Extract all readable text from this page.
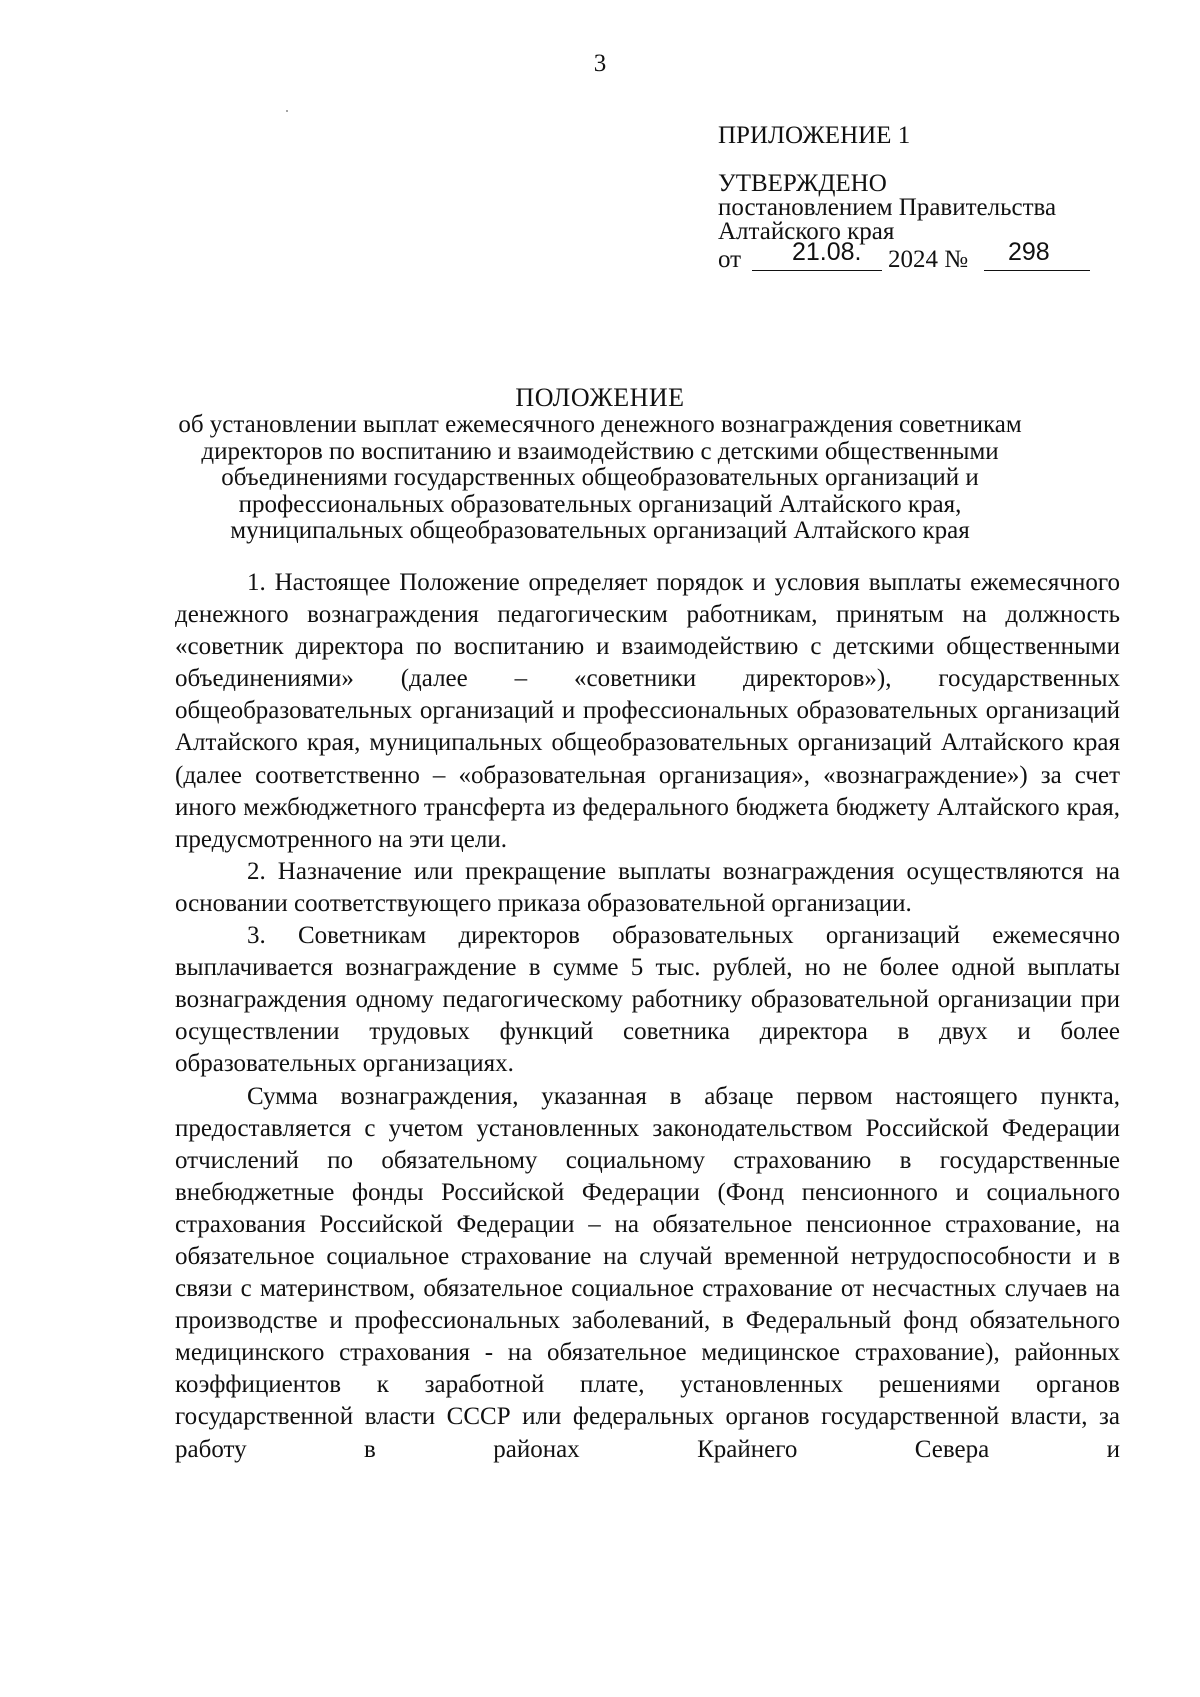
3
ПРИЛОЖЕНИЕ 1
УТВЕРЖДЕНО
постановлением Правительства
Алтайского края
от 21.08. 2024 № 298
ПОЛОЖЕНИЕ
об установлении выплат ежемесячного денежного вознаграждения советникам директоров по воспитанию и взаимодействию с детскими общественными объединениями государственных общеобразовательных организаций и профессиональных образовательных организаций Алтайского края, муниципальных общеобразовательных организаций Алтайского края

1. Настоящее Положение определяет порядок и условия выплаты ежемесячного денежного вознаграждения педагогическим работникам, принятым на должность «советник директора по воспитанию и взаимодействию с детскими общественными объединениями» (далее – «советники директоров»), государственных общеобразовательных организаций и профессиональных образовательных организаций Алтайского края, муниципальных общеобразовательных организаций Алтайского края (далее соответственно – «образовательная организация», «вознаграждение») за счет иного межбюджетного трансферта из федерального бюджета бюджету Алтайского края, предусмотренного на эти цели.

2. Назначение или прекращение выплаты вознаграждения осуществляются на основании соответствующего приказа образовательной организации.

3. Советникам директоров образовательных организаций ежемесячно выплачивается вознаграждение в сумме 5 тыс. рублей, но не более одной выплаты вознаграждения одному педагогическому работнику образовательной организации при осуществлении трудовых функций советника директора в двух и более образовательных организациях.

Сумма вознаграждения, указанная в абзаце первом настоящего пункта, предоставляется с учетом установленных законодательством Российской Федерации отчислений по обязательному социальному страхованию в государственные внебюджетные фонды Российской Федерации (Фонд пенсионного и социального страхования Российской Федерации – на обязательное пенсионное страхование, на обязательное социальное страхование на случай временной нетрудоспособности и в связи с материнством, обязательное социальное страхование от несчастных случаев на производстве и профессиональных заболеваний, в Федеральный фонд обязательного медицинского страхования - на обязательное медицинское страхование), районных коэффициентов к заработной плате, установленных решениями органов государственной власти СССР или федеральных органов государственной власти, за работу в районах Крайнего Севера и
